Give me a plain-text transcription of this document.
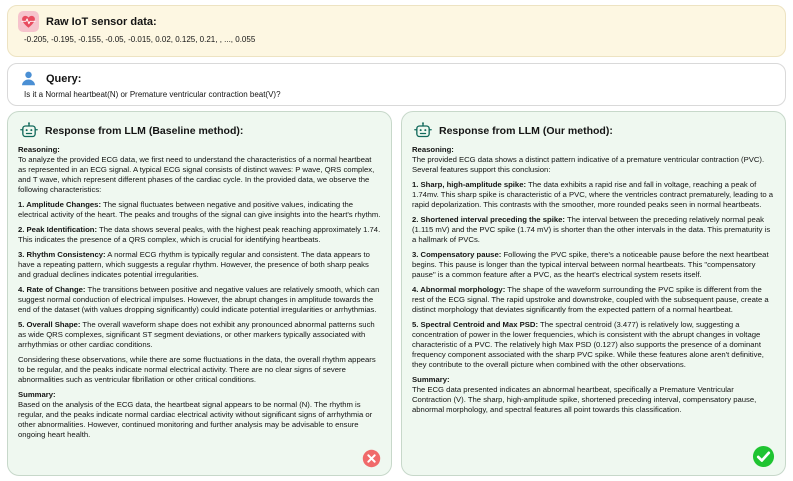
Raw IoT sensor data:
-0.205, -0.195, -0.155, -0.05, -0.015, 0.02, 0.125, 0.21, , ..., 0.055
Query:
Is it a Normal heartbeat(N) or Premature ventricular contraction beat(V)?
Response from LLM (Baseline method):

Reasoning:
To analyze the provided ECG data, we first need to understand the characteristics of a normal heartbeat as represented in an ECG signal. A typical ECG signal consists of distinct waves: P wave, QRS complex, and T wave, which represent different phases of the cardiac cycle. In the provided data, we observe the following characteristics:

1. Amplitude Changes: The signal fluctuates between negative and positive values, indicating the electrical activity of the heart. The peaks and troughs of the signal can give insights into the heart's rhythm.

2. Peak Identification: The data shows several peaks, with the highest peak reaching approximately 1.74. This indicates the presence of a QRS complex, which is crucial for identifying heartbeats.

3. Rhythm Consistency: A normal ECG rhythm is typically regular and consistent. The data appears to have a repeating pattern, which suggests a regular rhythm. However, the presence of both sharp peaks and gradual declines indicates potential irregularities.

4. Rate of Change: The transitions between positive and negative values are relatively smooth, which can suggest normal conduction of electrical impulses. However, the abrupt changes in amplitude towards the end of the dataset (with values dropping significantly) could indicate potential irregularities or arrhythmias.

5. Overall Shape: The overall waveform shape does not exhibit any pronounced abnormal patterns such as wide QRS complexes, significant ST segment deviations, or other markers typically associated with arrhythmias or other cardiac conditions.

Considering these observations, while there are some fluctuations in the data, the overall rhythm appears to be regular, and the peaks indicate normal electrical activity. There are no clear signs of severe abnormalities such as ventricular fibrillation or other critical conditions.

Summary:
Based on the analysis of the ECG data, the heartbeat signal appears to be normal (N). The rhythm is regular, and the peaks indicate normal cardiac electrical activity without significant signs of arrhythmia or other abnormalities. However, continued monitoring and further analysis may be advisable to ensure ongoing heart health.

Response from LLM (Our method):

Reasoning:
The provided ECG data shows a distinct pattern indicative of a premature ventricular contraction (PVC). Several features support this conclusion:

1. Sharp, high-amplitude spike: The data exhibits a rapid rise and fall in voltage, reaching a peak of 1.74mv. This sharp spike is characteristic of a PVC, where the ventricles contract prematurely, leading to a rapid depolarization. This contrasts with the smoother, more rounded peaks seen in normal heartbeats.

2. Shortened interval preceding the spike: The interval between the preceding relatively normal peak (1.115 mV) and the PVC spike (1.74 mV) is shorter than the other intervals in the data. This prematurity is a hallmark of PVCs.

3. Compensatory pause: Following the PVC spike, there's a noticeable pause before the next heartbeat begins. This pause is longer than the typical interval between normal heartbeats. This "compensatory pause" is a common feature after a PVC, as the heart's electrical system resets itself.

4. Abnormal morphology: The shape of the waveform surrounding the PVC spike is different from the rest of the ECG signal. The rapid upstroke and downstroke, coupled with the subsequent pause, create a distinct morphology that deviates significantly from the expected pattern of a normal heartbeat.

5. Spectral Centroid and Max PSD: The spectral centroid (3.477) is relatively low, suggesting a concentration of power in the lower frequencies, which is consistent with the abrupt changes in voltage characteristic of a PVC. The relatively high Max PSD (0.127) also supports the presence of a dominant frequency component associated with the sharp PVC spike. While these features alone aren't definitive, they contribute to the overall picture when combined with the other observations.

Summary:
The ECG data presented indicates an abnormal heartbeat, specifically a Premature Ventricular Contraction (V). The sharp, high-amplitude spike, shortened preceding interval, compensatory pause, abnormal morphology, and spectral features all point towards this classification.
